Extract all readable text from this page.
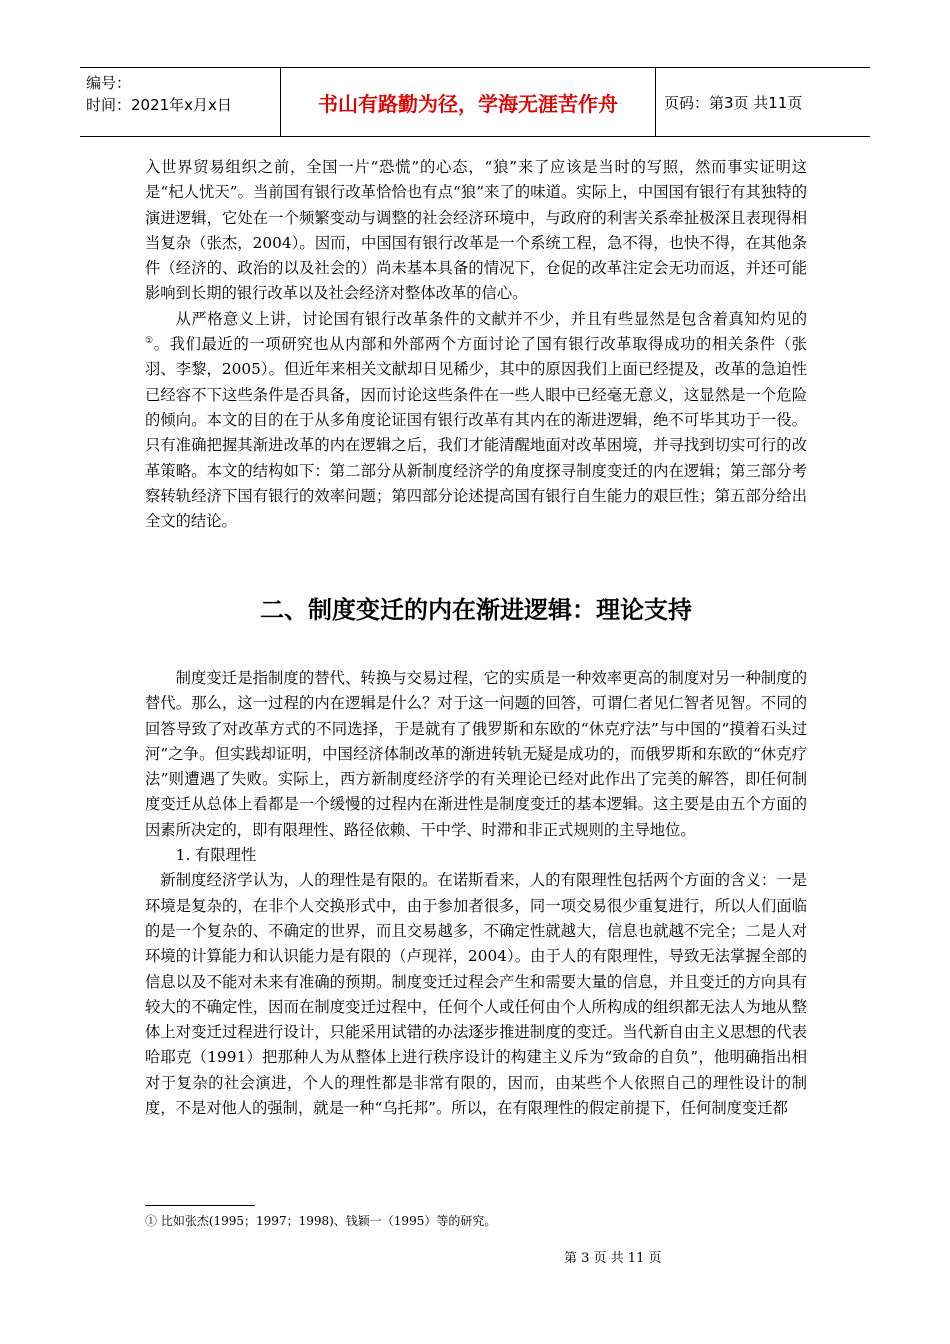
编号：
时间：2021年x月x日	书山有路勤为径，学海无涯苦作舟	页码：第3页 共11页

入世界贸易组织之前，全国一片“恐慌”的心态，“狼”来了应该是当时的写照，然而事实证明这是“杞人忧天”。当前国有银行改革恰恰也有点“狼”来了的味道。实际上，中国国有银行有其独特的演进逻辑，它处在一个频繁变动与调整的社会经济环境中，与政府的利害关系牵扯极深且表现得相当复杂（张杰，2004）。因而，中国国有银行改革是一个系统工程，急不得，也快不得，在其他条件（经济的、政治的以及社会的）尚未基本具备的情况下，仓促的改革注定会无功而返，并还可能影响到长期的银行改革以及社会经济对整体改革的信心。

从严格意义上讲，讨论国有银行改革条件的文献并不少，并且有些显然是包含着真知灼见的①。我们最近的一项研究也从内部和外部两个方面讨论了国有银行改革取得成功的相关条件（张羽、李黎，2005）。但近年来相关文献却日见稀少，其中的原因我们上面已经提及，改革的急迫性已经容不下这些条件是否具备，因而讨论这些条件在一些人眼中已经毫无意义，这显然是一个危险的倾向。本文的目的在于从多角度论证国有银行改革有其内在的渐进逻辑，绝不可毕其功于一役。只有准确把握其渐进改革的内在逻辑之后，我们才能清醒地面对改革困境，并寻找到切实可行的改革策略。本文的结构如下：第二部分从新制度经济学的角度探寻制度变迁的内在逻辑；第三部分考察转轨经济下国有银行的效率问题；第四部分论述提高国有银行自生能力的艰巨性；第五部分给出全文的结论。

二、制度变迁的内在渐进逻辑：理论支持

制度变迁是指制度的替代、转换与交易过程，它的实质是一种效率更高的制度对另一种制度的替代。那么，这一过程的内在逻辑是什么？对于这一问题的回答，可谓仁者见仁智者见智。不同的回答导致了对改革方式的不同选择，于是就有了俄罗斯和东欧的“休克疗法”与中国的“摸着石头过河”之争。但实践却证明，中国经济体制改革的渐进转轨无疑是成功的，而俄罗斯和东欧的“休克疗法”则遭遇了失败。实际上，西方新制度经济学的有关理论已经对此作出了完美的解答，即任何制度变迁从总体上看都是一个缓慢的过程内在渐进性是制度变迁的基本逻辑。这主要是由五个方面的因素所决定的，即有限理性、路径依赖、干中学、时滞和非正式规则的主导地位。

1. 有限理性

新制度经济学认为，人的理性是有限的。在诺斯看来，人的有限理性包括两个方面的含义：一是环境是复杂的，在非个人交换形式中，由于参加者很多，同一项交易很少重复进行，所以人们面临的是一个复杂的、不确定的世界，而且交易越多，不确定性就越大，信息也就越不完全；二是人对环境的计算能力和认识能力是有限的（卢现祥，2004）。由于人的有限理性，导致无法掌握全部的信息以及不能对未来有准确的预期。制度变迁过程会产生和需要大量的信息，并且变迁的方向具有较大的不确定性，因而在制度变迁过程中，任何个人或任何由个人所构成的组织都无法人为地从整体上对变迁过程进行设计，只能采用试错的办法逐步推进制度的变迁。当代新自由主义思想的代表哈耶克（1991）把那种人为从整体上进行秩序设计的构建主义斥为“致命的自负”，他明确指出相对于复杂的社会演进，个人的理性都是非常有限的，因而，由某些个人依照自己的理性设计的制度，不是对他人的强制，就是一种“乌托邦”。所以，在有限理性的假定前提下，任何制度变迁都

① 比如张杰(1995；1997；1998)、钱颖一（1995）等的研究。
第 3 页 共 11 页
